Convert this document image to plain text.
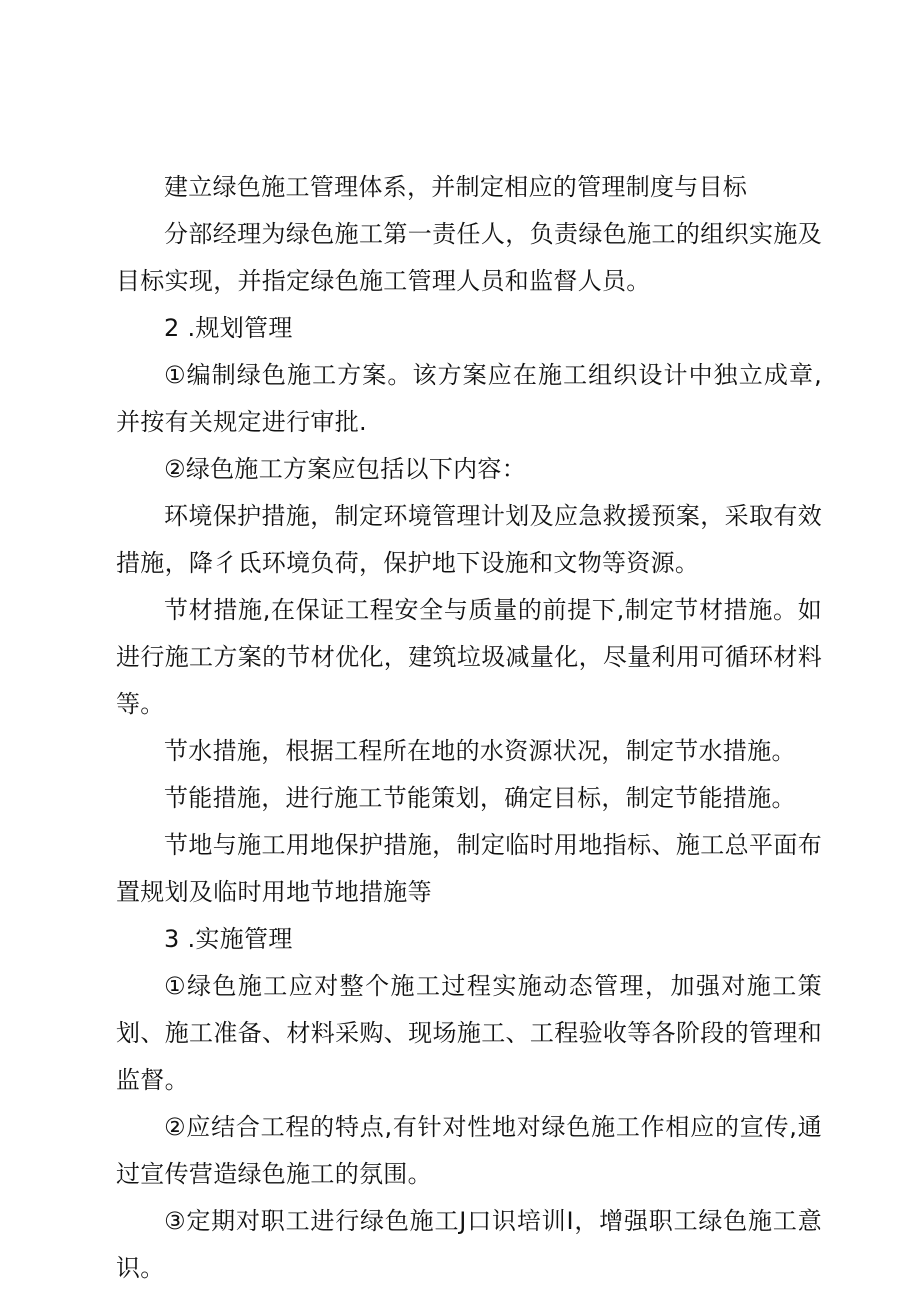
建立绿色施工管理体系，并制定相应的管理制度与目标

分部经理为绿色施工第一责任人，负责绿色施工的组织实施及目标实现，并指定绿色施工管理人员和监督人员。

2 .规划管理

①编制绿色施工方案。该方案应在施工组织设计中独立成章,并按有关规定进行审批.

②绿色施工方案应包括以下内容：

环境保护措施，制定环境管理计划及应急救援预案，采取有效措施，降彳氐环境负荷，保护地下设施和文物等资源。

节材措施,在保证工程安全与质量的前提下,制定节材措施。如进行施工方案的节材优化，建筑垃圾减量化，尽量利用可循环材料等。

节水措施，根据工程所在地的水资源状况，制定节水措施。

节能措施，进行施工节能策划，确定目标，制定节能措施。

节地与施工用地保护措施，制定临时用地指标、施工总平面布置规划及临时用地节地措施等

3 .实施管理

①绿色施工应对整个施工过程实施动态管理，加强对施工策划、施工准备、材料采购、现场施工、工程验收等各阶段的管理和监督。

②应结合工程的特点,有针对性地对绿色施工作相应的宣传,通过宣传营造绿色施工的氛围。

③定期对职工进行绿色施工J口识培训I，增强职工绿色施工意识。
